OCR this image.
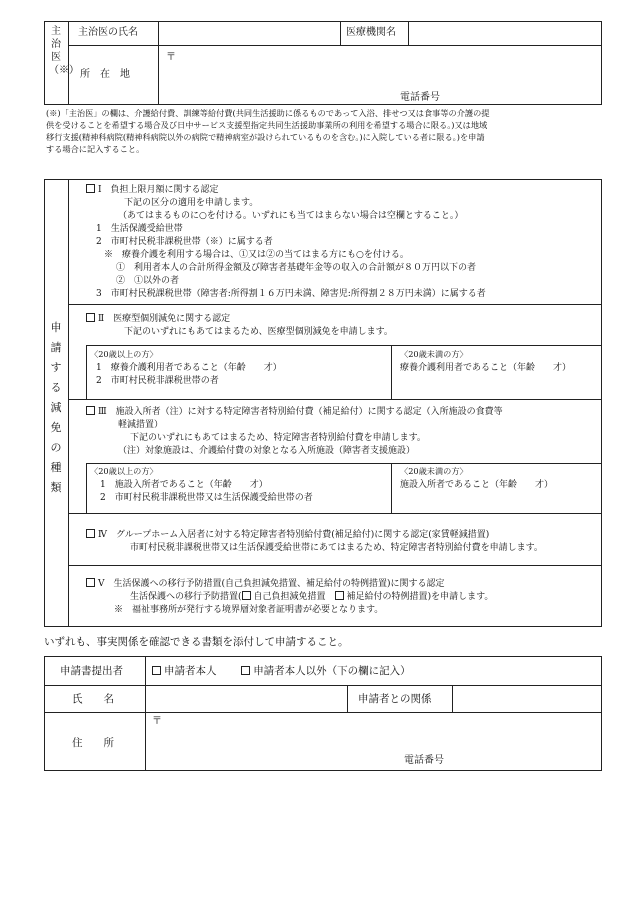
主治医（※）
主治医の氏名	医療機関名
所　在　地
〒
電話番号
(※)「主治医」の欄は、介護給付費、訓練等給付費(共同生活援助に係るものであって入浴、排せつ又は食事等の介護の提
供を受けることを希望する場合及び日中サービス支援型指定共同生活援助事業所の利用を希望する場合に限る。)又は地域
移行支援(精神科病院(精神科病院以外の病院で精神病室が設けられているものを含む。)に入院している者に限る。)を申請
する場合に記入すること。
申請する減免の種類
Ⅰ　負担上限月額に関する認定
下記の区分の適用を申請します。
（あてはまるものに○を付ける。いずれにも当てはまらない場合は空欄とすること。）
1　生活保護受給世帯
2　市町村民税非課税世帯（※）に属する者
※　療養介護を利用する場合は、①又は②の当てはまる方にも○を付ける。
①　利用者本人の合計所得金額及び障害者基礎年金等の収入の合計額が８０万円以下の者
②　①以外の者
3　市町村民税課税世帯（障害者:所得割１６万円未満、障害児:所得割２８万円未満）に属する者
Ⅱ　医療型個別減免に関する認定
下記のいずれにもあてはまるため、医療型個別減免を申請します。
〈20歳以上の方〉
1　療養介護利用者であること（年齢　　才）
2　市町村民税非課税世帯の者
〈20歳未満の方〉
療養介護利用者であること（年齢　　才）
Ⅲ　施設入所者（注）に対する特定障害者特別給付費（補足給付）に関する認定（入所施設の食費等
軽減措置）
下記のいずれにもあてはまるため、特定障害者特別給付費を申請します。
（注）対象施設は、介護給付費の対象となる入所施設（障害者支援施設）
〈20歳以上の方〉
1　施設入所者であること（年齢　　才）
2　市町村民税非課税世帯又は生活保護受給世帯の者
〈20歳未満の方〉
施設入所者であること（年齢　　才）
Ⅳ　グループホーム入居者に対する特定障害者特別給付費(補足給付)に関する認定(家賃軽減措置)
市町村民税非課税世帯又は生活保護受給世帯にあてはまるため、特定障害者特別給付費を申請します。
Ⅴ　生活保護への移行予防措置(自己負担減免措置、補足給付の特例措置)に関する認定
生活保護への移行予防措置( 自己負担減免措置　 補足給付の特例措置)を申請します。
※　福祉事務所が発行する境界層対象者証明書が必要となります。
いずれも、事実関係を確認できる書類を添付して申請すること。
申請書提出者	申請者本人	申請者本人以外（下の欄に記入）
氏　　名	申請者との関係
住　　所
〒
電話番号
